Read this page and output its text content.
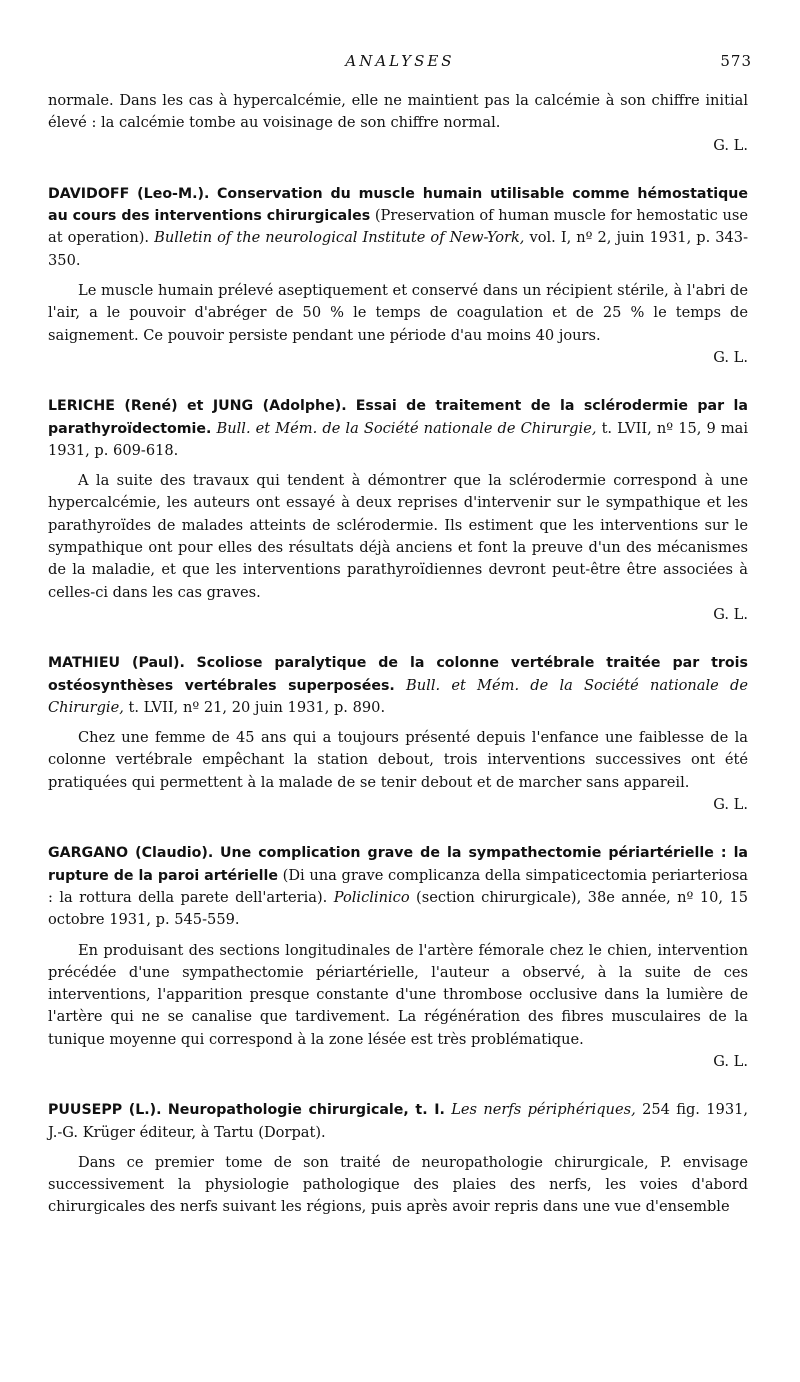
ANALYSES	573

normale. Dans les cas à hypercalcémie, elle ne maintient pas la calcémie à son chiffre initial élevé : la calcémie tombe au voisinage de son chiffre normal.

G. L.

DAVIDOFF (Leo-M.). Conservation du muscle humain utilisable comme hémostatique au cours des interventions chirurgicales (Preservation of human muscle for hemostatic use at operation). Bulletin of the neurological Institute of New-York, vol. I, nº 2, juin 1931, p. 343-350.

Le muscle humain prélevé aseptiquement et conservé dans un récipient stérile, à l'abri de l'air, a le pouvoir d'abréger de 50 % le temps de coagulation et de 25 % le temps de saignement. Ce pouvoir persiste pendant une période d'au moins 40 jours.

G. L.

LERICHE (René) et JUNG (Adolphe). Essai de traitement de la sclérodermie par la parathyroïdectomie. Bull. et Mém. de la Société nationale de Chirurgie, t. LVII, nº 15, 9 mai 1931, p. 609-618.

A la suite des travaux qui tendent à démontrer que la sclérodermie correspond à une hypercalcémie, les auteurs ont essayé à deux reprises d'intervenir sur le sympathique et les parathyroïdes de malades atteints de sclérodermie. Ils estiment que les interventions sur le sympathique ont pour elles des résultats déjà anciens et font la preuve d'un des mécanismes de la maladie, et que les interventions parathyroïdiennes devront peut-être être associées à celles-ci dans les cas graves.

G. L.

MATHIEU (Paul). Scoliose paralytique de la colonne vertébrale traitée par trois ostéosynthèses vertébrales superposées. Bull. et Mém. de la Société nationale de Chirurgie, t. LVII, nº 21, 20 juin 1931, p. 890.

Chez une femme de 45 ans qui a toujours présenté depuis l'enfance une faiblesse de la colonne vertébrale empêchant la station debout, trois interventions successives ont été pratiquées qui permettent à la malade de se tenir debout et de marcher sans appareil.

G. L.

GARGANO (Claudio). Une complication grave de la sympathectomie périartérielle : la rupture de la paroi artérielle (Di una grave complicanza della simpaticectomia periarteriosa : la rottura della parete dell'arteria). Policlinico (section chirurgicale), 38e année, nº 10, 15 octobre 1931, p. 545-559.

En produisant des sections longitudinales de l'artère fémorale chez le chien, intervention précédée d'une sympathectomie périartérielle, l'auteur a observé, à la suite de ces interventions, l'apparition presque constante d'une thrombose occlusive dans la lumière de l'artère qui ne se canalise que tardivement. La régénération des fibres musculaires de la tunique moyenne qui correspond à la zone lésée est très problématique.

G. L.

PUUSEPP (L.). Neuropathologie chirurgicale, t. I. Les nerfs périphériques, 254 fig. 1931, J.-G. Krüger éditeur, à Tartu (Dorpat).

Dans ce premier tome de son traité de neuropathologie chirurgicale, P. envisage successivement la physiologie pathologique des plaies des nerfs, les voies d'abord chirurgicales des nerfs suivant les régions, puis après avoir repris dans une vue d'ensemble
